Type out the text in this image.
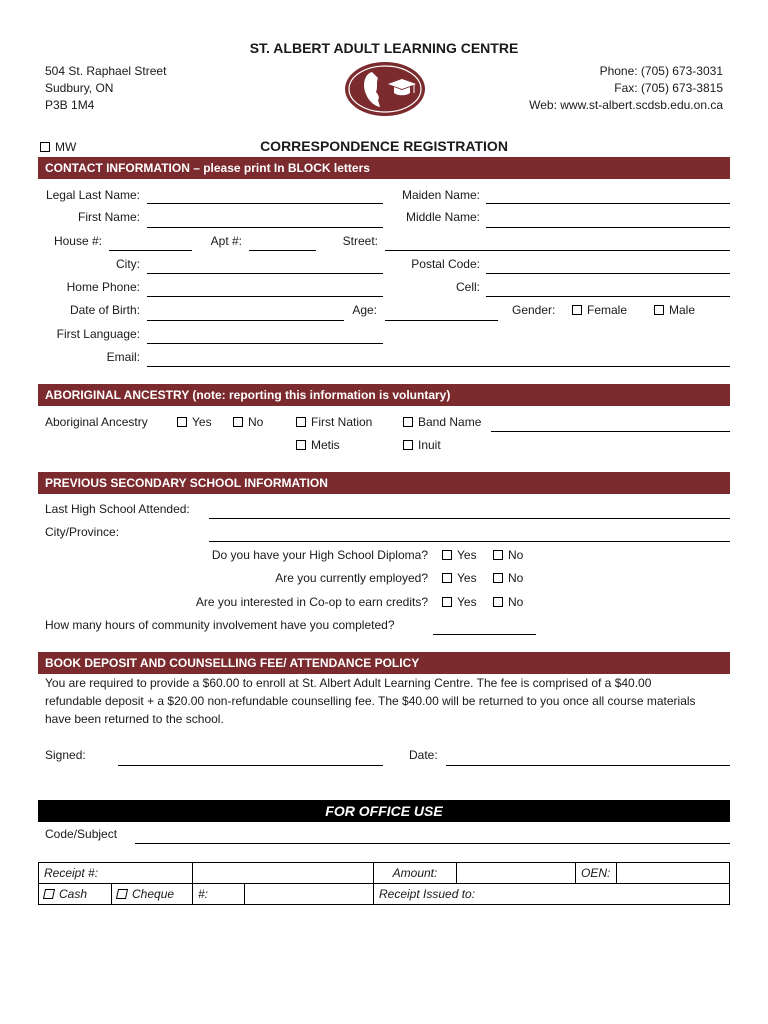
ST. ALBERT ADULT LEARNING CENTRE
504 St. Raphael Street
Sudbury, ON
P3B 1M4
Phone: (705) 673-3031
Fax: (705) 673-3815
Web: www.st-albert.scdsb.edu.on.ca
MW	CORRESPONDENCE REGISTRATION
CONTACT INFORMATION – please print In BLOCK letters
Legal Last Name:	Maiden Name:
First Name:	Middle Name:
House #:	Apt #:	Street:
City:	Postal Code:
Home Phone:	Cell:
Date of Birth:	Age:	Gender:	Female	Male
First Language:
Email:
ABORIGINAL ANCESTRY (note: reporting this information is voluntary)
Aboriginal Ancestry	Yes	No	First Nation	Band Name
Metis	Inuit
PREVIOUS SECONDARY SCHOOL INFORMATION
Last High School Attended:
City/Province:
Do you have your High School Diploma?	Yes	No
Are you currently employed?	Yes	No
Are you interested in Co-op to earn credits?	Yes	No
How many hours of community involvement have you completed?
BOOK DEPOSIT AND COUNSELLING FEE/ ATTENDANCE POLICY
You are required to provide a $60.00 to enroll at St. Albert Adult Learning Centre. The fee is comprised of a $40.00 refundable deposit + a $20.00 non-refundable counselling fee. The $40.00 will be returned to you once all course materials have been returned to the school.
Signed:	Date:
FOR OFFICE USE
Code/Subject
Receipt #:				Amount:		OEN:	
Cash	Cheque	#:		Receipt Issued to:			
